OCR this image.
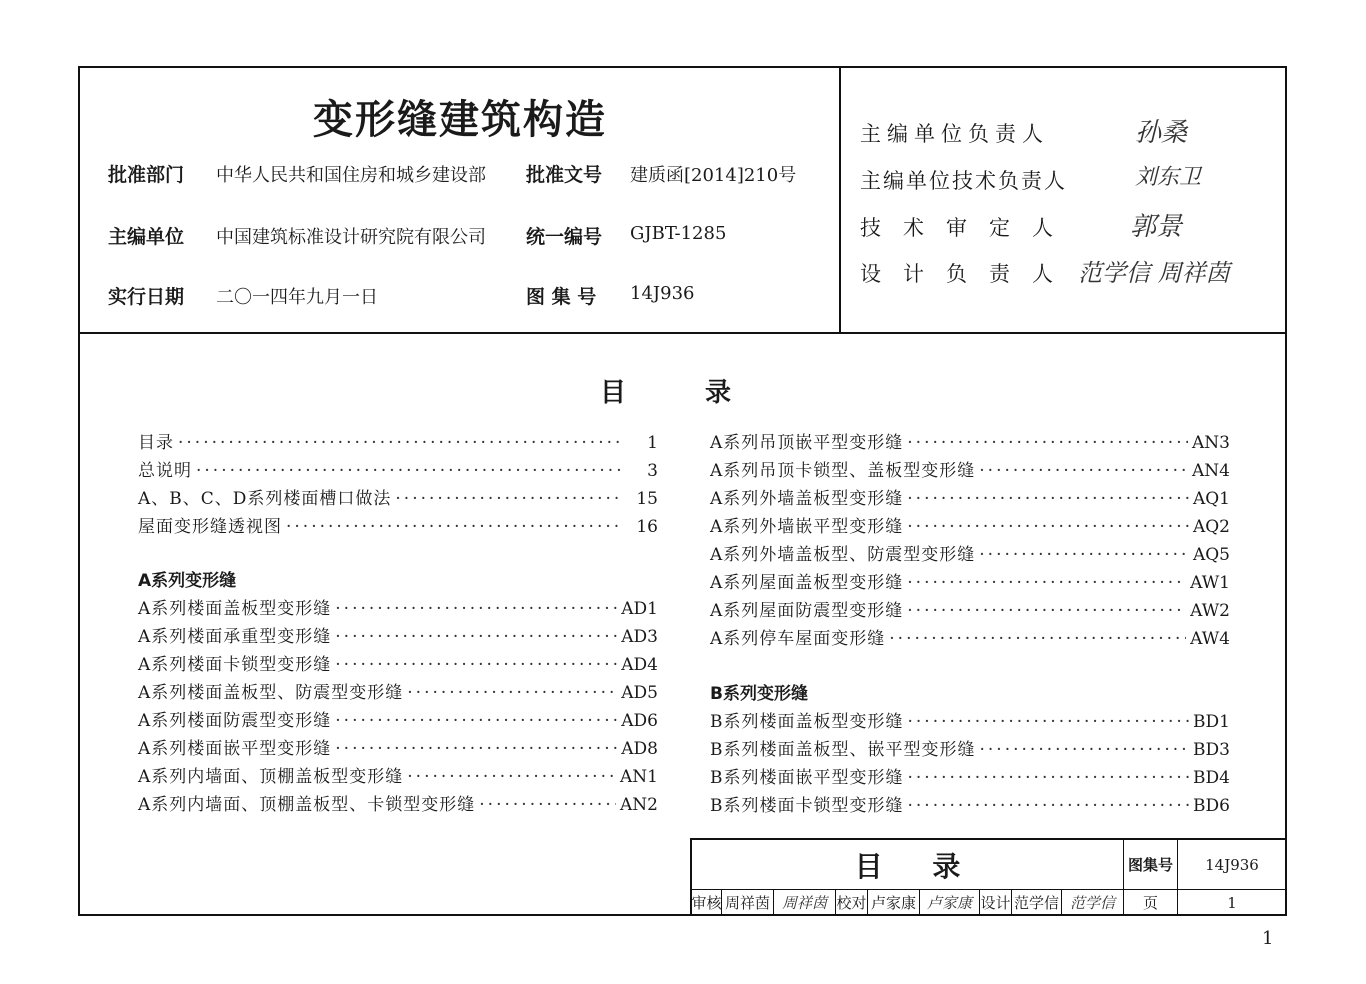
变形缝建筑构造
批准部门 中华人民共和国住房和城乡建设部 批准文号 建质函[2014]210号
主编单位 中国建筑标准设计研究院有限公司 统一编号 GJBT-1285
实行日期 二〇一四年九月一日	图 集 号 14J936
主编单位负责人	孙桑
主编单位技术负责人	刘东卫
技术审定人 郭景
设计负责人 范学信 周祥茵
目 录
目录 ·····	1
总说明 ·····	3
A、B、C、D系列楼面槽口做法 ·····	15
屋面变形缝透视图 ·····	16
A系列变形缝
A系列楼面盖板型变形缝 ·····	AD1
A系列楼面承重型变形缝 ·····	AD3
A系列楼面卡锁型变形缝 ·····	AD4
A系列楼面盖板型、防震型变形缝 ·····	AD5
A系列楼面防震型变形缝 ·····	AD6
A系列楼面嵌平型变形缝 ·····	AD8
A系列内墙面、顶棚盖板型变形缝 ·····	AN1
A系列内墙面、顶棚盖板型、卡锁型变形缝 ·····	AN2
A系列吊顶嵌平型变形缝 ·····	AN3
A系列吊顶卡锁型、盖板型变形缝 ·····	AN4
A系列外墙盖板型变形缝 ·····	AQ1
A系列外墙嵌平型变形缝 ·····	AQ2
A系列外墙盖板型、防震型变形缝 ·····	AQ5
A系列屋面盖板型变形缝 ·····	AW1
A系列屋面防震型变形缝 ·····	AW2
A系列停车屋面变形缝 ·····	AW4
B系列变形缝
B系列楼面盖板型变形缝 ·····	BD1
B系列楼面盖板型、嵌平型变形缝 ·····	BD3
B系列楼面嵌平型变形缝 ·····	BD4
B系列楼面卡锁型变形缝 ·····	BD6
目 录	图集号	14J936
审核 周祥茵 周祥茵 校对 卢家康 卢家康 设计 范学信 范学信	页	1
1
